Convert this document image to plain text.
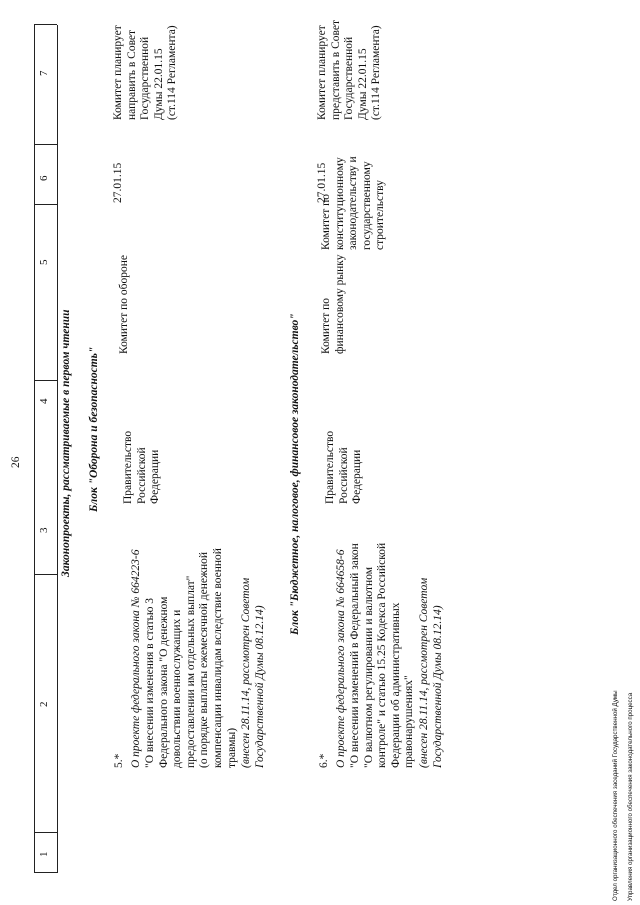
26
1
2
3
4
5
6
7
Законопроекты, рассматриваемые в первом чтении Блок "Оборона и безопасность"
5.* О проекте федерального закона № 664223-6 "О внесении изменения в статью 3
Федерального закона "О денежном
довольствии военнослужащих и
предоставлении им отдельных выплат"
(о порядке выплаты ежемесячной денежной
компенсации инвалидам вследствие военной
травмы) (внесен 28.11.14, рассмотрен Советом
Государственной Думы 08.12.14)
Правительство
Российской
Федерации
Комитет по обороне
27.01.15
Комитет планирует
направить в Совет
Государственной
Думы 22.01.15
(ст.114 Регламента)
Блок "Бюджетное, налоговое, финансовое законодательство"
6.* О проекте федерального закона № 664658-6 "О внесении изменений в Федеральный закон
"О валютном регулировании и валютном
контроле" и статью 15.25 Кодекса Российской
Федерации об административных
правонарушениях" (внесен 28.11.14, рассмотрен Советом
Государственной Думы 08.12.14)
Правительство
Российской
Федерации
Комитет по
финансовому рынку
Комитет по
конституционному
законодательству и
государственному
строительству
27.01.15
Комитет планирует
представить в Совет
Государственной
Думы 22.01.15
(ст.114 Регламента)

Отдел организационного обеспечения заседаний Государственной Думы Управления организационного обеспечения законодательного процесса
